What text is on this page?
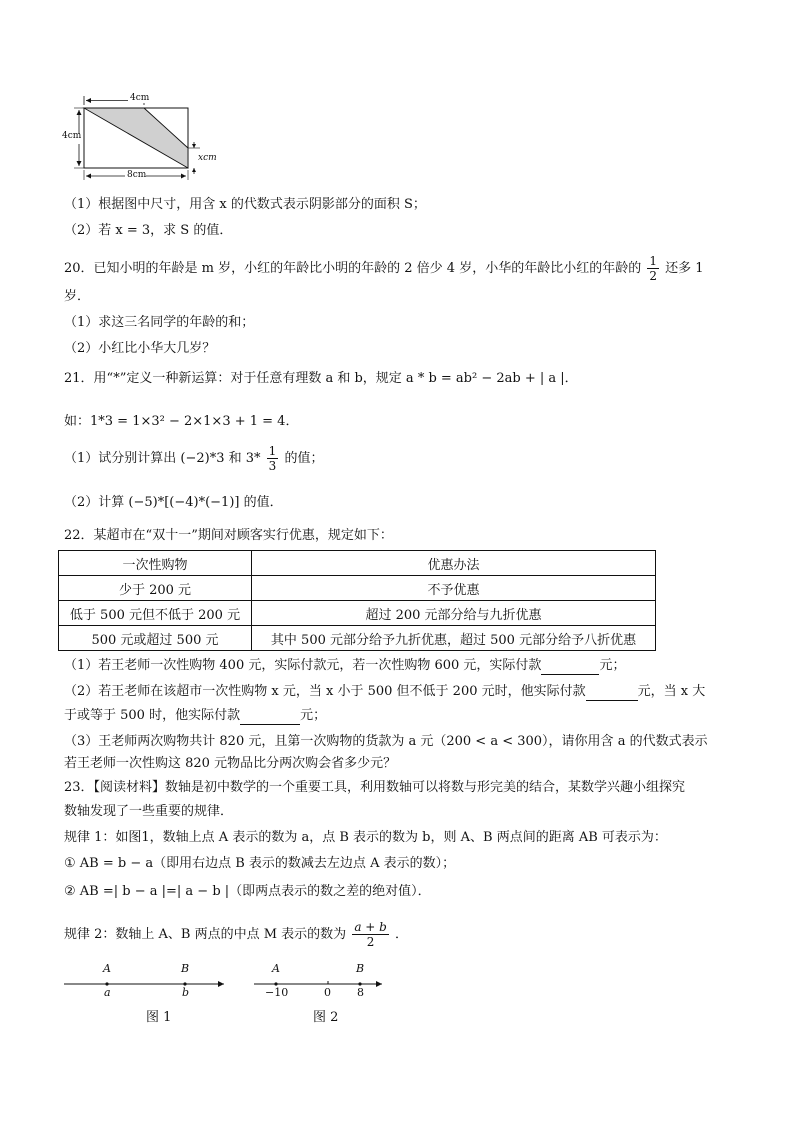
4cm
4cm
8cm
xcm
（1）根据图中尺寸，用含 x 的代数式表示阴影部分的面积 S；
（2）若 x = 3，求 S 的值．
20．已知小明的年龄是 m 岁，小红的年龄比小明的年龄的 2 倍少 4 岁，小华的年龄比小红的年龄的 $\frac{1}{2}$ 还多 1
岁．
（1）求这三名同学的年龄的和；
（2）小红比小华大几岁？
21．用“*”定义一种新运算：对于任意有理数 a 和 b，规定 a * b = ab² − 2ab + | a |．
如：1*3 = 1×3² − 2×1×3 + 1 = 4．
（1）试分别计算出 (−2)*3 和 $3* \frac{1}{3}$ 的值；
（2）计算 (−5)*[(−4)*(−1)] 的值．
22．某超市在“双十一”期间对顾客实行优惠，规定如下：
一次性购物	优惠办法
少于 200 元	不予优惠
低于 500 元但不低于 200 元	超过 200 元部分给与九折优惠
500 元或超过 500 元	其中 500 元部分给予九折优惠，超过 500 元部分给予八折优惠
（1）若王老师一次性购物 400 元，实际付款元，若一次性购物 600 元，实际付款	元；
（2）若王老师在该超市一次性购物 x 元，当 x 小于 500 但不低于 200 元时，他实际付款	元，当 x 大
于或等于 500 时，他实际付款	元；
（3）王老师两次购物共计 820 元，且第一次购物的货款为 a 元（200 < a < 300），请你用含 a 的代数式表示
若王老师一次性购这 820 元物品比分两次购会省多少元？
23．【阅读材料】数轴是初中数学的一个重要工具，利用数轴可以将数与形完美的结合，某数学兴趣小组探究
数轴发现了一些重要的规律．
规律 1：如图1，数轴上点 A 表示的数为 a，点 B 表示的数为 b，则 A、B 两点间的距离 AB 可表示为：
① AB = b − a（即用右边点 B 表示的数减去左边点 A 表示的数）；
② AB =| b − a |=| a − b |（即两点表示的数之差的绝对值）．
规律 2：数轴上 A、B 两点的中点 M 表示的数为 $\frac{a + b}{2}$ ．
A	B
a	b
图 1
A	B
−10	0 8
图 2
